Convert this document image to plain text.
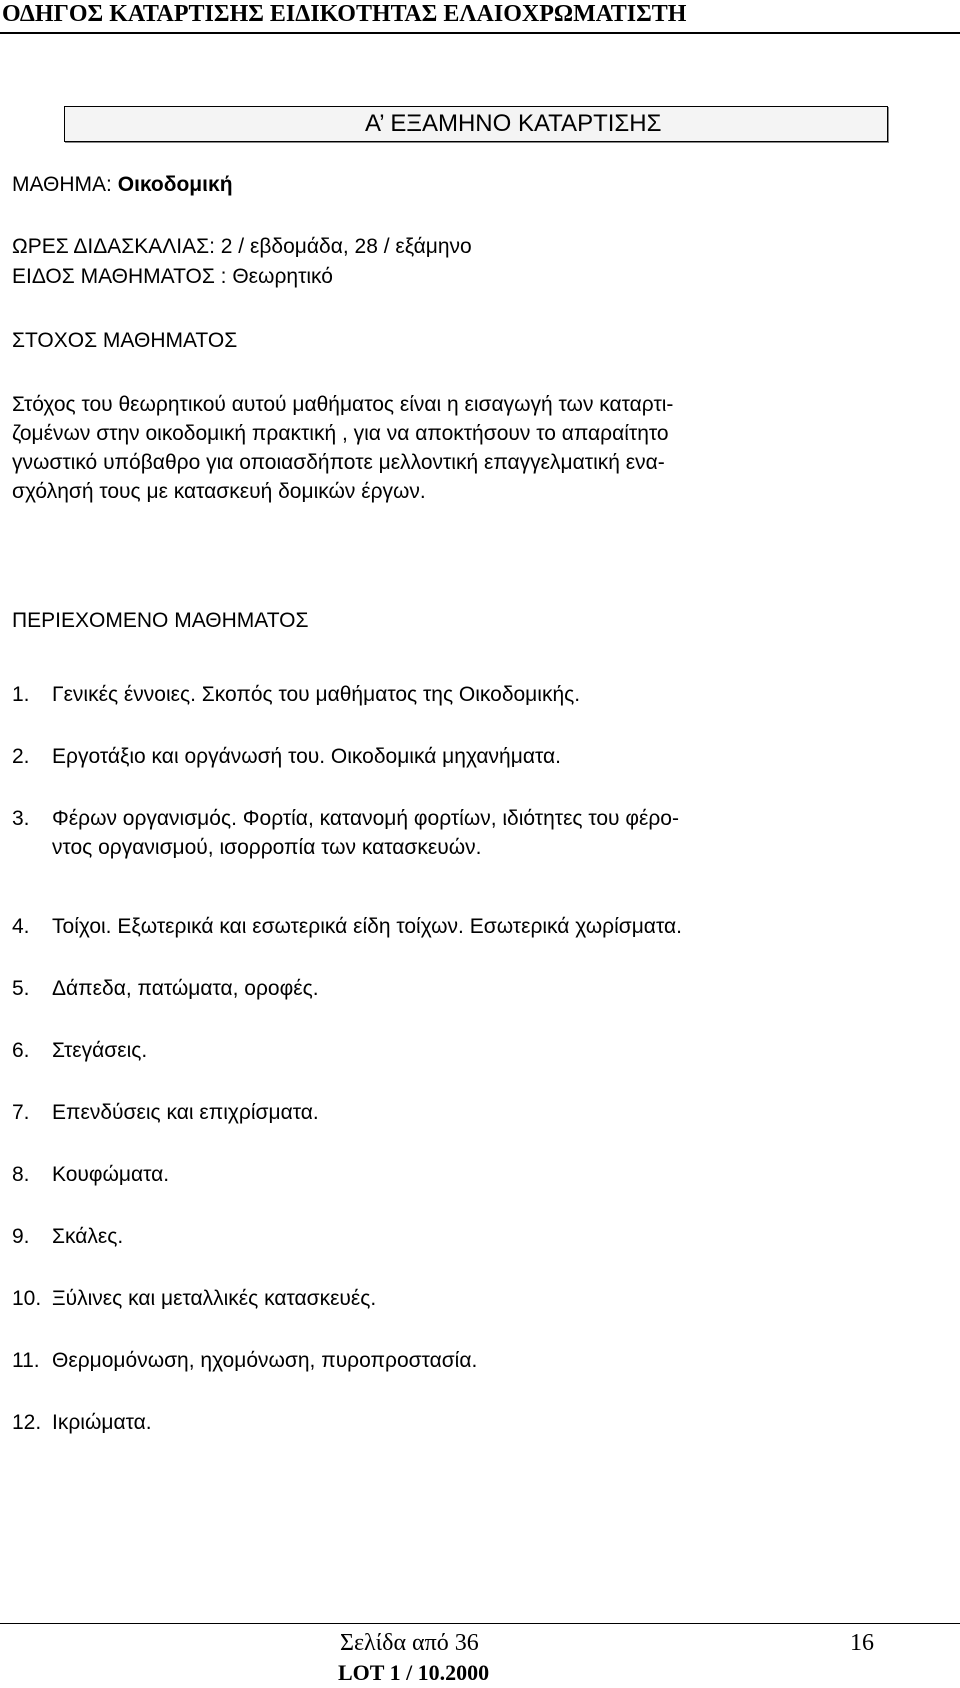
ΟΔΗΓΟΣ ΚΑΤΑΡΤΙΣΗΣ ΕΙΔΙΚΟΤΗΤΑΣ ΕΛΑΙΟΧΡΩΜΑΤΙΣΤΗ
Α’ ΕΞΑΜΗΝΟ ΚΑΤΑΡΤΙΣΗΣ
ΜΑΘΗΜΑ: Οικοδομική
ΩΡΕΣ ΔΙΔΑΣΚΑΛΙΑΣ: 2 / εβδομάδα, 28 / εξάμηνο
ΕΙΔΟΣ ΜΑΘΗΜΑΤΟΣ : Θεωρητικό
ΣΤΟΧΟΣ ΜΑΘΗΜΑΤΟΣ
Στόχος του θεωρητικού αυτού μαθήματος είναι η εισαγωγή των καταρτι-
ζομένων στην οικοδομική πρακτική , για να αποκτήσουν το απαραίτητο
γνωστικό υπόβαθρο για οποιασδήποτε μελλοντική επαγγελματική ενα-
σχόλησή τους με κατασκευή δομικών έργων.
ΠΕΡΙΕΧΟΜΕΝΟ ΜΑΘΗΜΑΤΟΣ
1. Γενικές έννοιες. Σκοπός του μαθήματος της Οικοδομικής.
2. Εργοτάξιο και οργάνωσή του. Οικοδομικά μηχανήματα.
3. Φέρων οργανισμός. Φορτία, κατανομή φορτίων, ιδιότητες του φέρο-
ντος οργανισμού, ισορροπία των κατασκευών.
4. Τοίχοι. Εξωτερικά και εσωτερικά είδη τοίχων. Εσωτερικά χωρίσματα.
5. Δάπεδα, πατώματα, οροφές.
6. Στεγάσεις.
7. Επενδύσεις και επιχρίσματα.
8. Κουφώματα.
9. Σκάλες.
10. Ξύλινες και μεταλλικές κατασκευές.
11. Θερμομόνωση, ηχομόνωση, πυροπροστασία.
12. Ικριώματα.
Σελίδα από 36	16
LOT 1 / 10.2000
